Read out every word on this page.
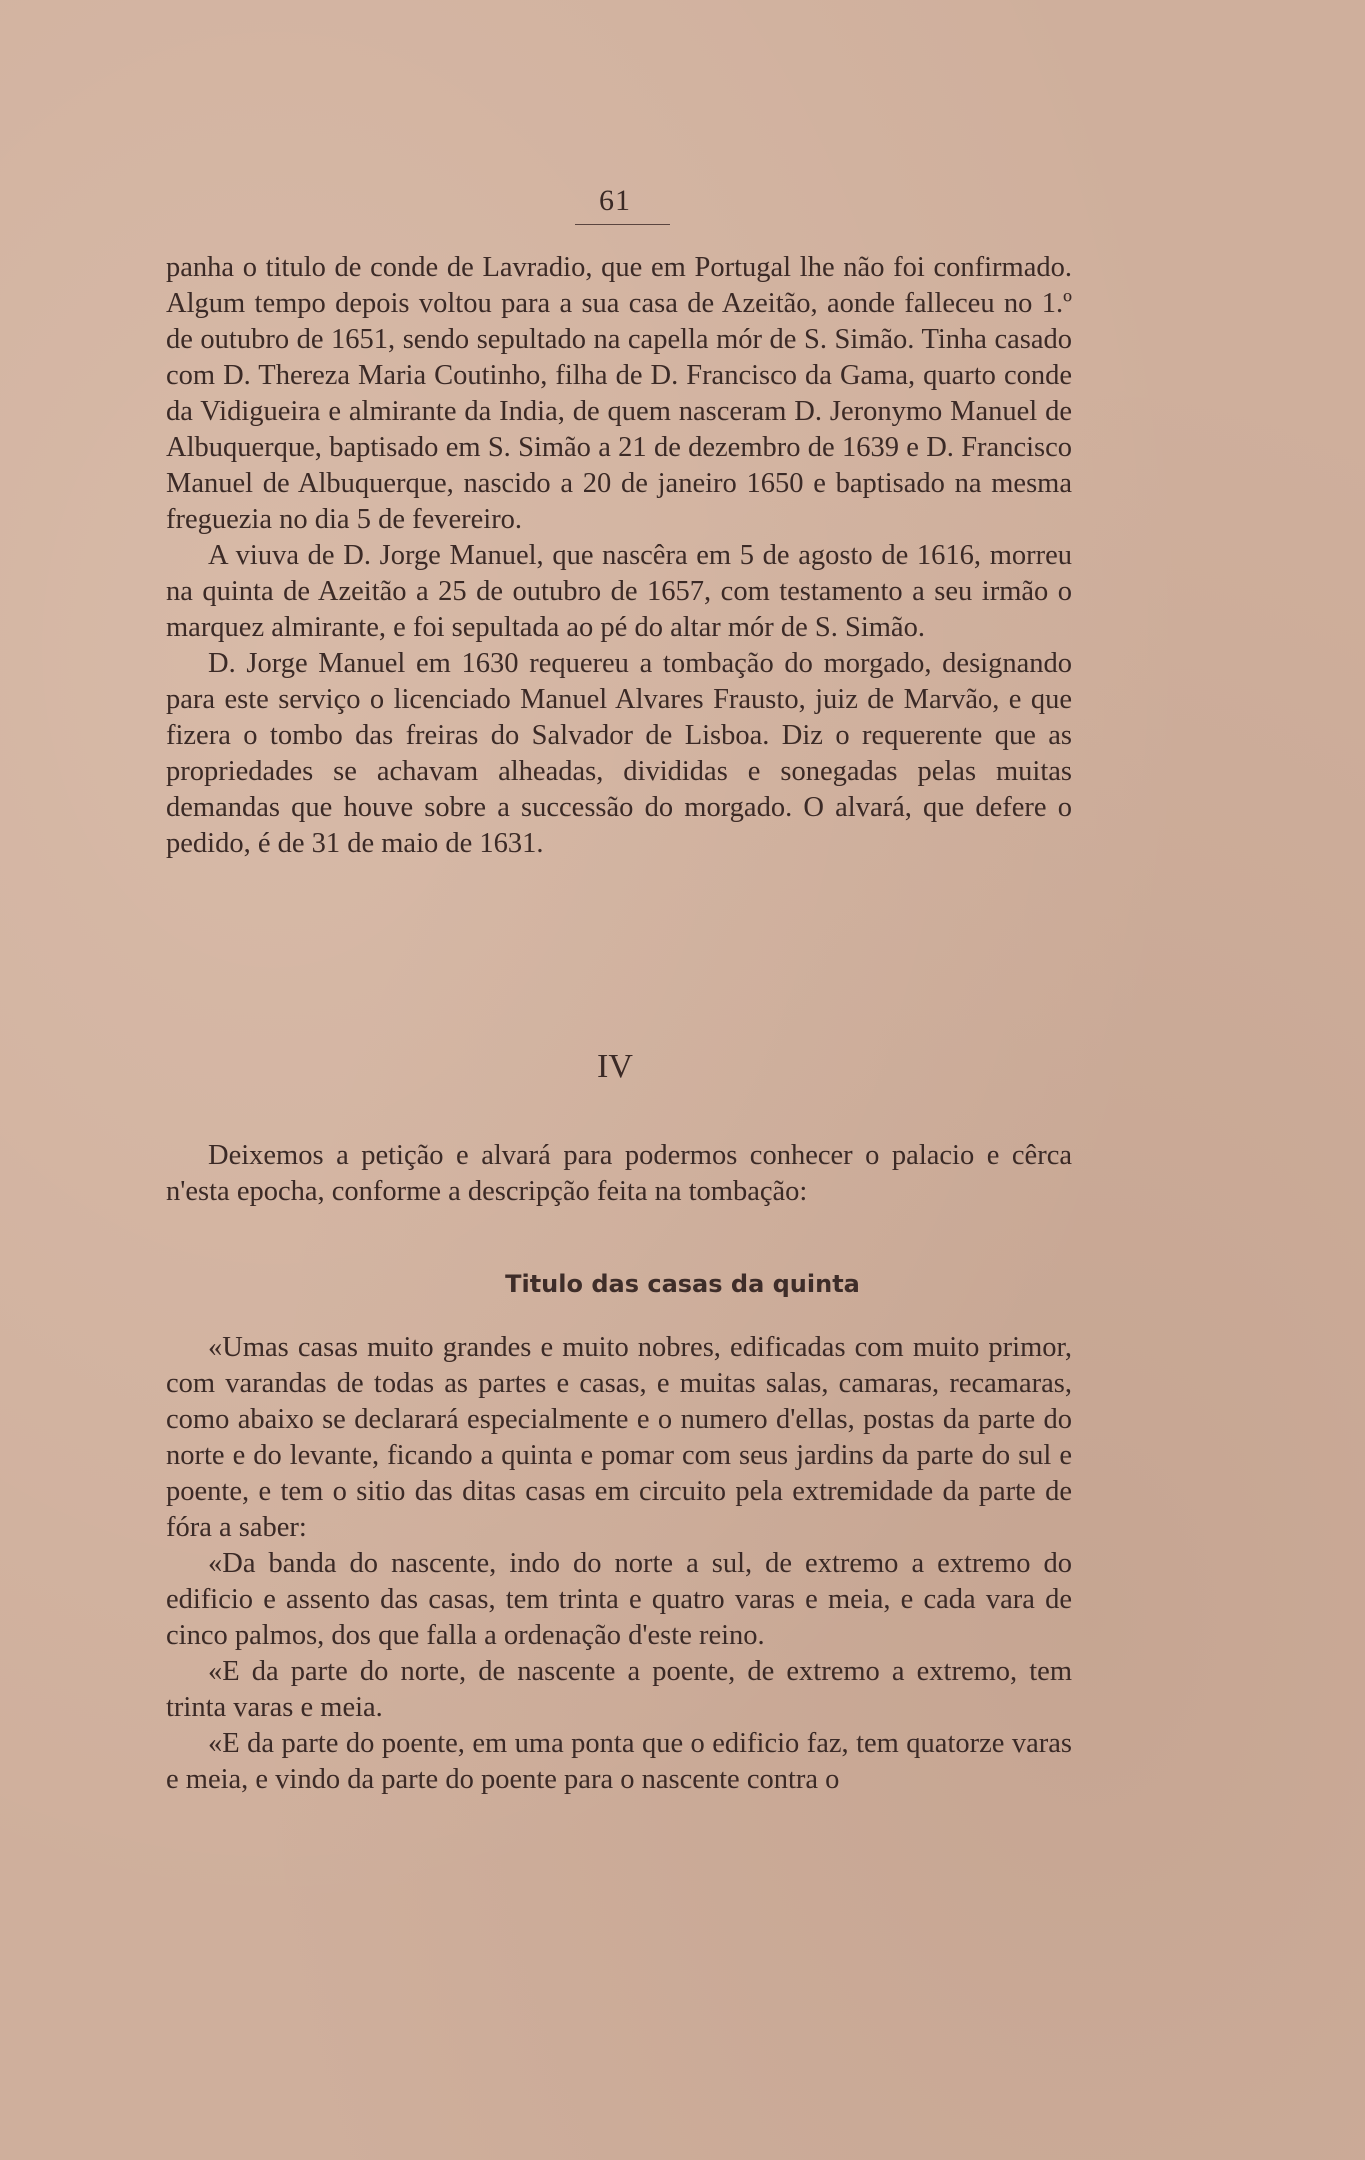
61

panha o titulo de conde de Lavradio, que em Portugal lhe não foi confirmado. Algum tempo depois voltou para a sua casa de Azeitão, aonde falleceu no 1.º de outubro de 1651, sendo sepultado na capella mór de S. Simão. Tinha casado com D. Thereza Maria Coutinho, filha de D. Francisco da Gama, quarto conde da Vidigueira e almirante da India, de quem nasceram D. Jeronymo Manuel de Albuquerque, baptisado em S. Simão a 21 de dezembro de 1639 e D. Francisco Manuel de Albuquerque, nascido a 20 de janeiro 1650 e baptisado na mesma freguezia no dia 5 de fevereiro.

A viuva de D. Jorge Manuel, que nascêra em 5 de agosto de 1616, morreu na quinta de Azeitão a 25 de outubro de 1657, com testamento a seu irmão o marquez almirante, e foi sepultada ao pé do altar mór de S. Simão.

D. Jorge Manuel em 1630 requereu a tombação do morgado, designando para este serviço o licenciado Manuel Alvares Frausto, juiz de Marvão, e que fizera o tombo das freiras do Salvador de Lisboa. Diz o requerente que as propriedades se achavam alheadas, divididas e sonegadas pelas muitas demandas que houve sobre a successão do morgado. O alvará, que defere o pedido, é de 31 de maio de 1631.

IV

Deixemos a petição e alvará para podermos conhecer o palacio e cêrca n'esta epocha, conforme a descripção feita na tombação:

Titulo das casas da quinta

«Umas casas muito grandes e muito nobres, edificadas com muito primor, com varandas de todas as partes e casas, e muitas salas, camaras, recamaras, como abaixo se declarará especialmente e o numero d'ellas, postas da parte do norte e do levante, ficando a quinta e pomar com seus jardins da parte do sul e poente, e tem o sitio das ditas casas em circuito pela extremidade da parte de fóra a saber:

«Da banda do nascente, indo do norte a sul, de extremo a extremo do edificio e assento das casas, tem trinta e quatro varas e meia, e cada vara de cinco palmos, dos que falla a ordenação d'este reino.

«E da parte do norte, de nascente a poente, de extremo a extremo, tem trinta varas e meia.

«E da parte do poente, em uma ponta que o edificio faz, tem quatorze varas e meia, e vindo da parte do poente para o nascente contra o
